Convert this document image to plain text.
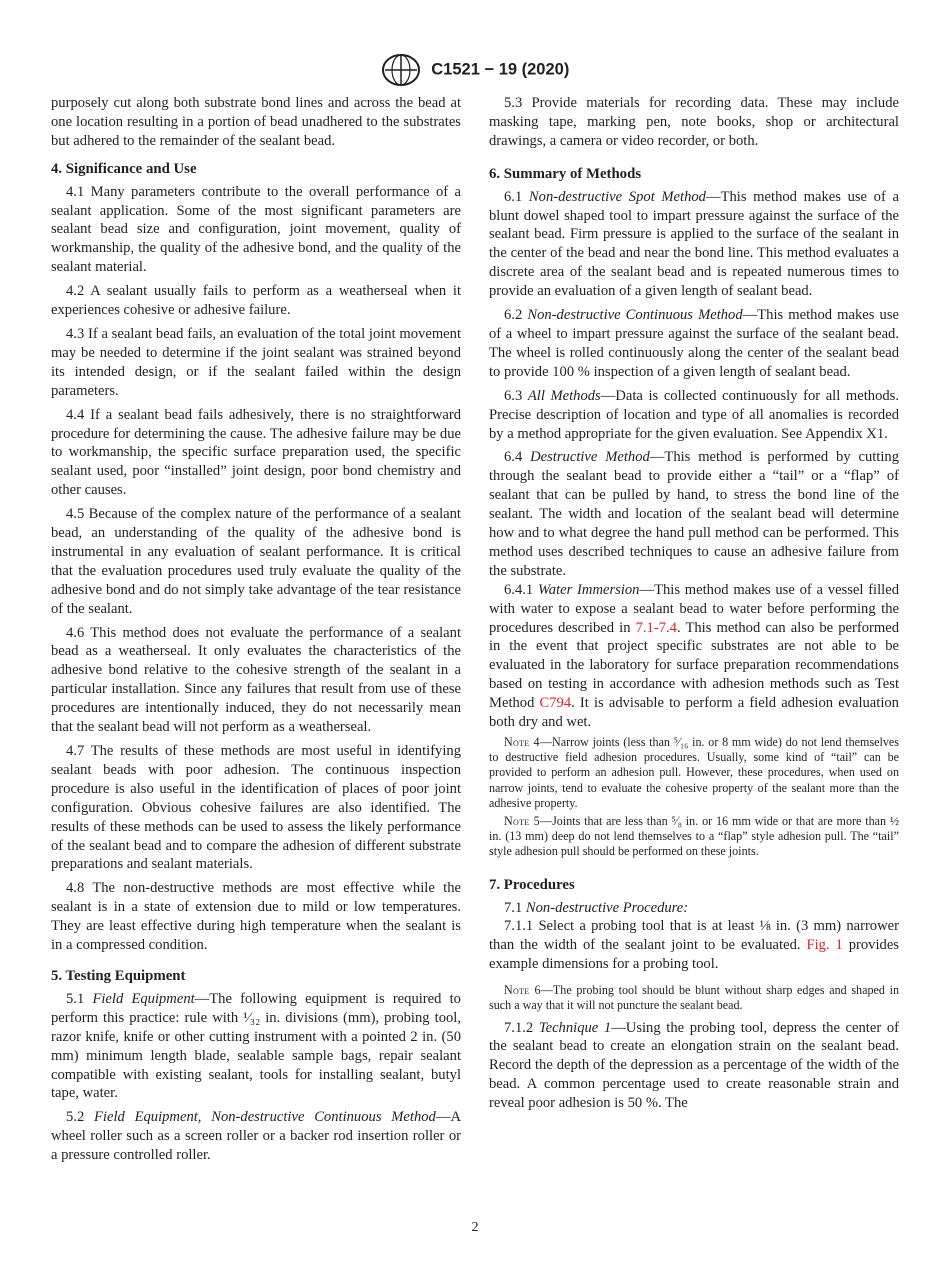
C1521 − 19 (2020)

purposely cut along both substrate bond lines and across the bead at one location resulting in a portion of bead unadhered to the substrates but adhered to the remainder of the sealant bead.

4. Significance and Use

4.1 Many parameters contribute to the overall performance of a sealant application. Some of the most significant parameters are sealant bead size and configuration, joint movement, quality of workmanship, the quality of the adhesive bond, and the quality of the sealant material.

4.2 A sealant usually fails to perform as a weatherseal when it experiences cohesive or adhesive failure.

4.3 If a sealant bead fails, an evaluation of the total joint movement may be needed to determine if the joint sealant was strained beyond its intended design, or if the sealant failed within the design parameters.

4.4 If a sealant bead fails adhesively, there is no straightforward procedure for determining the cause. The adhesive failure may be due to workmanship, the specific surface preparation used, the specific sealant used, poor “installed” joint design, poor bond chemistry and other causes.

4.5 Because of the complex nature of the performance of a sealant bead, an understanding of the quality of the adhesive bond is instrumental in any evaluation of sealant performance. It is critical that the evaluation procedures used truly evaluate the quality of the adhesive bond and do not simply take advantage of the tear resistance of the sealant.

4.6 This method does not evaluate the performance of a sealant bead as a weatherseal. It only evaluates the characteristics of the adhesive bond relative to the cohesive strength of the sealant in a particular installation. Since any failures that result from use of these procedures are intentionally induced, they do not necessarily mean that the sealant bead will not perform as a weatherseal.

4.7 The results of these methods are most useful in identifying sealant beads with poor adhesion. The continuous inspection procedure is also useful in the identification of places of poor joint configuration. Obvious cohesive failures are also identified. The results of these methods can be used to assess the likely performance of the sealant bead and to compare the adhesion of different substrate preparations and sealant materials.

4.8 The non-destructive methods are most effective while the sealant is in a state of extension due to mild or low temperatures. They are least effective during high temperature when the sealant is in a compressed condition.

5. Testing Equipment

5.1 Field Equipment—The following equipment is required to perform this practice: rule with ¹⁄₃₂ in. divisions (mm), probing tool, razor knife, knife or other cutting instrument with a pointed 2 in. (50 mm) minimum length blade, sealable sample bags, repair sealant compatible with existing sealant, tools for installing sealant, butyl tape, water.

5.2 Field Equipment, Non-destructive Continuous Method—A wheel roller such as a screen roller or a backer rod insertion roller or a pressure controlled roller.

5.3 Provide materials for recording data. These may include masking tape, marking pen, note books, shop or architectural drawings, a camera or video recorder, or both.

6. Summary of Methods

6.1 Non-destructive Spot Method—This method makes use of a blunt dowel shaped tool to impart pressure against the surface of the sealant bead. Firm pressure is applied to the surface of the sealant in the center of the bead and near the bond line. This method evaluates a discrete area of the sealant bead and is repeated numerous times to provide an evaluation of a given length of sealant bead.

6.2 Non-destructive Continuous Method—This method makes use of a wheel to impart pressure against the surface of the sealant bead. The wheel is rolled continuously along the center of the sealant bead to provide 100 % inspection of a given length of sealant bead.

6.3 All Methods—Data is collected continuously for all methods. Precise description of location and type of all anomalies is recorded by a method appropriate for the given evaluation. See Appendix X1.

6.4 Destructive Method—This method is performed by cutting through the sealant bead to provide either a “tail” or a “flap” of sealant that can be pulled by hand, to stress the bond line of the sealant. The width and location of the sealant bead will determine how and to what degree the hand pull method can be performed. This method uses described techniques to cause an adhesive failure from the substrate.

6.4.1 Water Immersion—This method makes use of a vessel filled with water to expose a sealant bead to water before performing the procedures described in 7.1-7.4. This method can also be performed in the event that project specific substrates are not able to be evaluated in the laboratory for surface preparation recommendations based on testing in accordance with adhesion methods such as Test Method C794. It is advisable to perform a field adhesion evaluation both dry and wet.

Note 4—Narrow joints (less than ⁵⁄₁₆ in. or 8 mm wide) do not lend themselves to destructive field adhesion procedures. Usually, some kind of “tail” can be provided to perform an adhesion pull. However, these procedures, when used on narrow joints, tend to evaluate the cohesive property of the sealant more than the adhesive property.

Note 5—Joints that are less than ⁵⁄₈ in. or 16 mm wide or that are more than ½ in. (13 mm) deep do not lend themselves to a “flap” style adhesion pull. The “tail” style adhesion pull should be performed on these joints.

7. Procedures

7.1 Non-destructive Procedure:

7.1.1 Select a probing tool that is at least ⅛ in. (3 mm) narrower than the width of the sealant joint to be evaluated. Fig. 1 provides example dimensions for a probing tool.

Note 6—The probing tool should be blunt without sharp edges and shaped in such a way that it will not puncture the sealant bead.

7.1.2 Technique 1—Using the probing tool, depress the center of the sealant bead to create an elongation strain on the sealant bead. Record the depth of the depression as a percentage of the width of the bead. A common percentage used to create reasonable strain and reveal poor adhesion is 50 %. The

2
